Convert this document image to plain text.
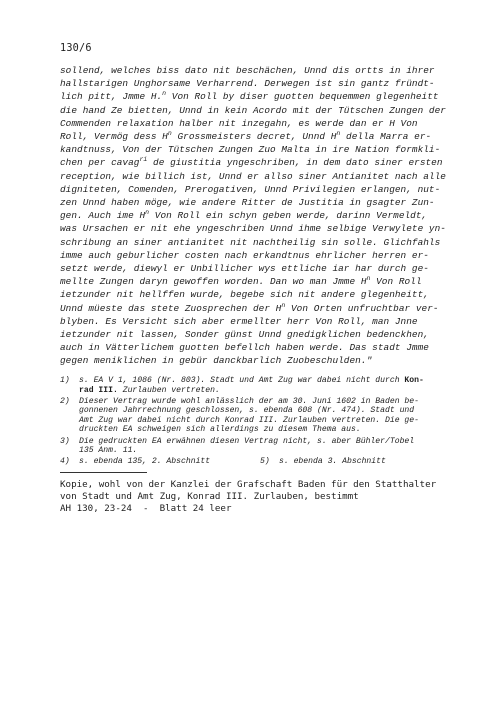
130/6
sollend, welches biss dato nit beschächen, Unnd dis ortts in ihrer
hallstarigen Unghorsame Verharrend. Derwegen ist sin gantz fründt-
lich pitt, Jmme H.$^n$ Von Roll by diser guotten bequemmen glegenheitt
die hand Ze bietten, Unnd in kein Acordo mit der Tütschen Zungen der
Commenden relaxation halber nit inzegahn, es werde dan er H Von
Roll, Vermög dess $H^n$ Grossmeisters decret, Unnd $H^n$ della Marra er-
kandtnuss, Von der Tütschen Zungen Zuo Malta in ire Nation formkli-
chen per cavag$^{ri}$ de giustitia yngeschriben, in dem dato siner ersten
reception, wie billich ist, Unnd er allso siner Antianitet nach alle
digniteten, Comenden, Prerogativen, Unnd Privilegien erlangen, nut-
zen Unnd haben möge, wie andere Ritter de Justitia in gsagter Zun-
gen. Auch ime $H^n$ Von Roll ein schyn geben werde, darinn Vermeldt,
was Ursachen er nit ehe yngeschriben Unnd ihme selbige Verwylete yn-
schribung an siner antianitet nit nachtheilig sin solle. Glichfahls
imme auch geburlicher costen nach erkandtnus ehrlicher herren er-
setzt werde, diewyl er Unbillicher wys ettliche iar har durch ge-
mellte Zungen daryn gewoffen worden. Dan wo man Jmme $H^n$ Von Roll
ietzunder nit hellffen wurde, begebe sich nit andere glegenheitt,
Unnd müeste das stete Zuosprechen der $H^n$ Von Orten unfruchtbar ver-
blyben. Es Versicht sich aber ermellter herr Von Roll, man Jnne
ietzunder nit lassen, Sonder günst Unnd gnedigklichen bedenckhen,
auch in Vätterlichem guotten befellch haben werde. Das stadt Jmme
gegen meniklichen in gebür danckbarlich Zuobeschulden."
1)	s. EA V 1, 1086 (Nr. 803). Stadt und Amt Zug war dabei nicht durch Kon-
rad III. Zurlauben vertreten.
2)	Dieser Vertrag wurde wohl anlässlich der am 30. Juni 1602 in Baden be-
gonnenen Jahrrechnung geschlossen, s. ebenda 608 (Nr. 474). Stadt und
Amt Zug war dabei nicht durch Konrad III. Zurlauben vertreten. Die ge-
druckten EA schweigen sich allerdings zu diesem Thema aus.
3)	Die gedruckten EA erwähnen diesen Vertrag nicht, s. aber Bühler/Tobel
135 Anm. 11.
4)	s. ebenda 135, 2. Abschnitt	5)	s. ebenda 3. Abschnitt
Kopie, wohl von der Kanzlei der Grafschaft Baden für den Statthalter
von Stadt und Amt Zug, Konrad III. Zurlauben, bestimmt
AH 130, 23-24  -  Blatt 24 leer
